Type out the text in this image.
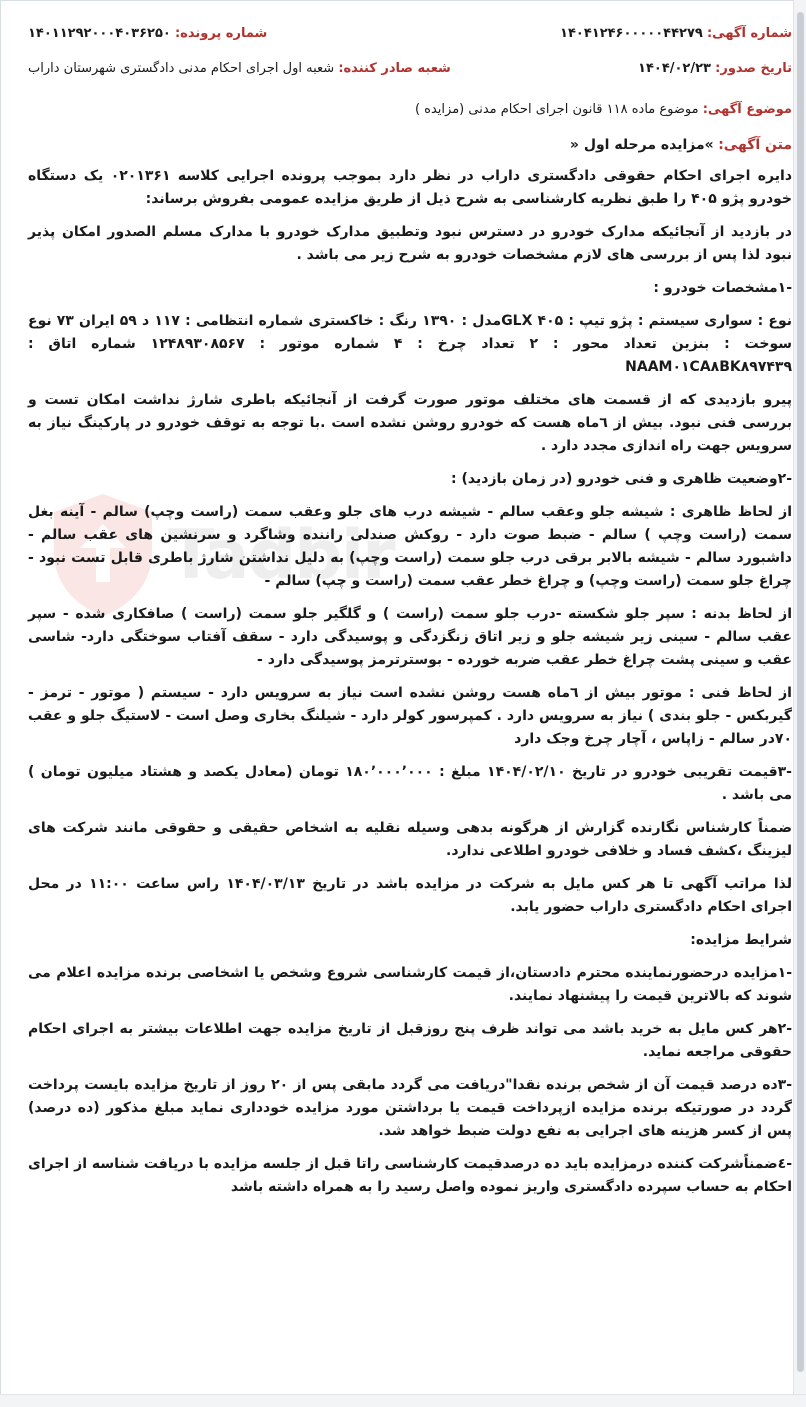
Tadbir
شماره آگهی: ۱۴۰۴۱۲۴۶۰۰۰۰۰۴۴۲۷۹
شماره پرونده: ۱۴۰۱۱۲۹۲۰۰۰۴۰۳۶۲۵۰
تاریخ صدور: ۱۴۰۴/۰۲/۲۳
شعبه صادر کننده: شعبه اول اجرای احکام مدنی دادگستری شهرستان داراب
موضوع آگهی: موضوع ماده ۱۱۸ قانون اجرای احکام مدنی (مزایده )
متن آگهی: »مزایده مرحله اول «

دایره اجرای احکام حقوقی دادگستری داراب در نظر دارد بموجب پرونده اجرایی کلاسه ۰۲۰۱۳۶۱ یک دستگاه خودرو پژو ۴۰۵ را طبق نظریه کارشناسی به شرح ذیل از طریق مزایده عمومی بفروش برساند:

در بازدید از آنجائیکه مدارک خودرو در دسترس نبود وتطبیق مدارک خودرو با مدارک مسلم الصدور امکان پذیر نبود لذا پس از بررسی های لازم مشخصات خودرو به شرح زیر می باشد .

-۱مشخصات خودرو :

نوع : سواری سیستم : پژو تیپ : GLX ۴۰۵مدل : ۱۳۹۰ رنگ : خاکستری شماره انتظامی : ۱۱۷ د ۵۹ ایران ۷۳ نوع سوخت : بنزین تعداد محور : ۲ تعداد چرخ : ۴ شماره موتور : ۱۲۴۸۹۳۰۸۵۶۷ شماره اتاق : NAAM۰۱CA۸BK۸۹۷۴۳۹

پیرو بازدیدی که از قسمت های مختلف موتور صورت گرفت از آنجائیکه باطری شارژ نداشت امکان تست و بررسی فنی نبود. بیش از ٦ماه هست که خودرو روشن نشده است .با توجه به توقف خودرو در پارکینگ نیاز به سرویس جهت راه اندازی مجدد دارد .

-۲وضعیت ظاهری و فنی خودرو (در زمان بازدید) :

از لحاظ ظاهری : شیشه جلو وعقب سالم - شیشه درب های جلو وعقب سمت (راست وچپ) سالم - آینه بغل سمت (راست وچپ ) سالم - ضبط صوت دارد - روکش صندلی راننده وشاگرد و سرنشین های عقب سالم - داشبورد سالم - شیشه بالابر برقی درب جلو سمت (راست وچپ) به دلیل نداشتن شارژ باطری قابل تست نبود - چراغ جلو سمت (راست وچپ) و چراغ خطر عقب سمت (راست و چپ) سالم -

از لحاظ بدنه : سپر جلو شکسته -درب جلو سمت (راست ) و گلگیر جلو سمت (راست ) صافکاری شده - سپر عقب سالم - سینی زیر شیشه جلو و زیر اتاق زنگزدگی و پوسیدگی دارد - سقف آفتاب سوختگی دارد- شاسی عقب و سینی پشت چراغ خطر عقب ضربه خورده - بوسترترمز پوسیدگی دارد -

از لحاظ فنی : موتور بیش از ٦ماه هست روشن نشده است نیاز به سرویس دارد - سیستم ( موتور - ترمز - گیربکس - جلو بندی ) نیاز به سرویس دارد . کمپرسور کولر دارد - شیلنگ بخاری وصل است - لاستیگ جلو و عقب ۷۰در سالم - زاپاس ، آچار چرخ وجک دارد

-۳قیمت تقریبی خودرو در تاریخ ۱۴۰۴/۰۲/۱۰ مبلغ : ۱۸۰٬۰۰۰٬۰۰۰ تومان (معادل یکصد و هشتاد میلیون تومان ) می باشد .

ضمناً کارشناس نگارنده گزارش از هرگونه بدهی وسیله نقلیه به اشخاص حقیقی و حقوقی مانند شرکت های لیزینگ ،کشف فساد و خلافی خودرو اطلاعی ندارد.

لذا مراتب آگهی تا هر کس مایل به شرکت در مزایده باشد در تاریخ ۱۴۰۴/۰۳/۱۳ راس ساعت ۱۱:۰۰ در محل اجرای احکام دادگستری داراب حضور یابد.

شرایط مزایده:

-۱مزایده درحضورنماینده محترم دادستان،از قیمت کارشناسی شروع وشخص یا اشخاصی برنده مزایده اعلام می شوند که بالاترین قیمت را پیشنهاد نمایند.

-۲هر کس مایل به خرید باشد می تواند ظرف پنج روزقبل از تاریخ مزایده جهت اطلاعات بیشتر به اجرای احکام حقوقی مراجعه نماید.

-۳ده درصد قیمت آن از شخص برنده نقدا"دریافت می گردد مابقی پس از ۲۰ روز از تاریخ مزایده بایست پرداخت گردد در صورتیکه برنده مزایده ازپرداخت قیمت یا برداشتن مورد مزایده خودداری نماید مبلغ مذکور (ده درصد) پس از کسر هزینه های اجرایی به نفع دولت ضبط خواهد شد.

-٤ضمناًشرکت کننده درمزایده باید ده درصدقیمت کارشناسی راتا قبل از جلسه مزایده با دریافت شناسه از اجرای احکام به حساب سپرده دادگستری واریز نموده واصل رسید را به همراه داشته باشد
